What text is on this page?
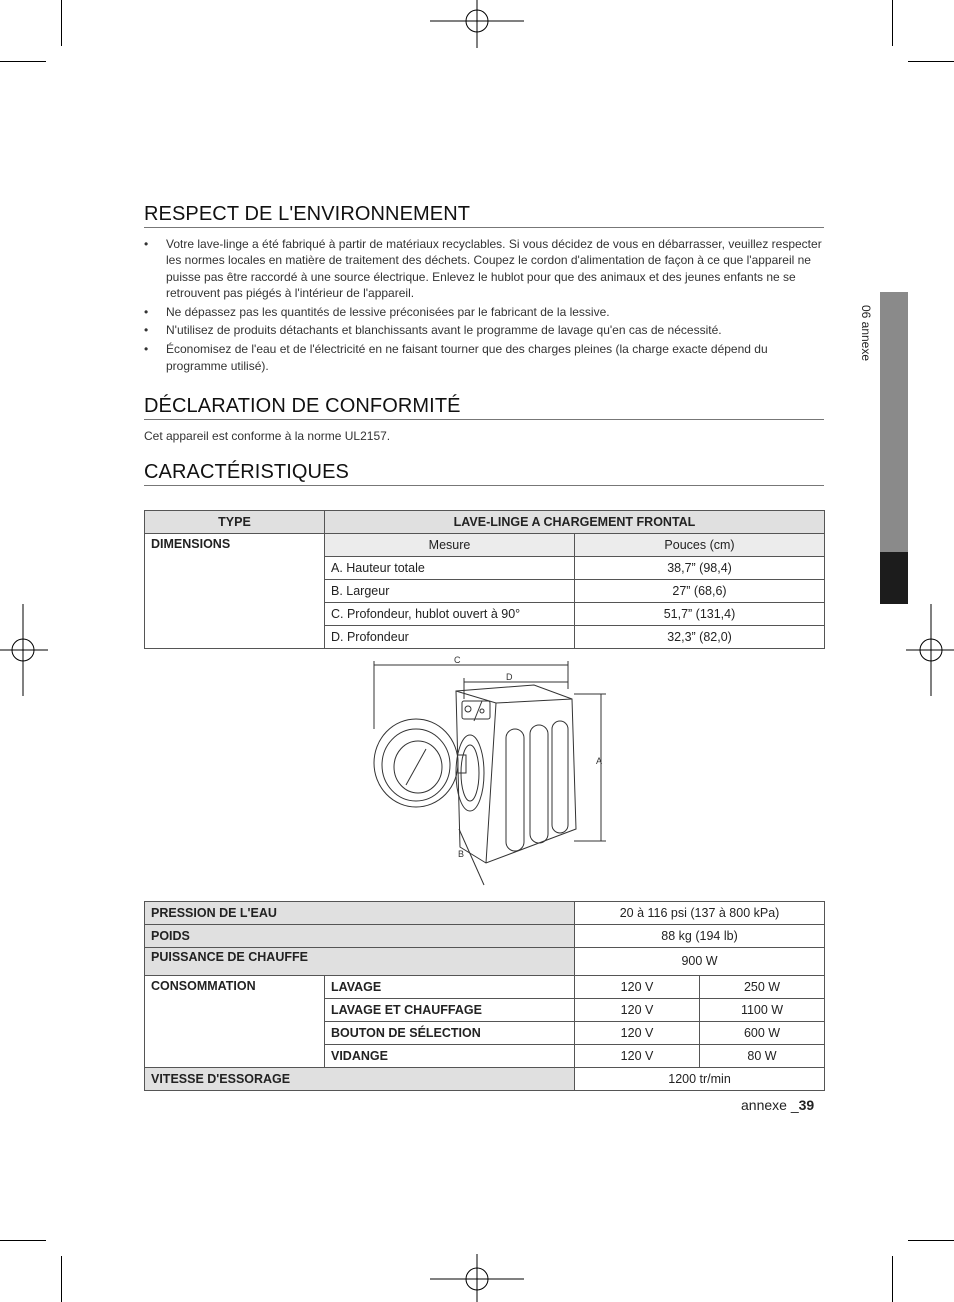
06 annexe
RESPECT DE L'ENVIRONNEMENT
• Votre lave-linge a été fabriqué à partir de matériaux recyclables. Si vous décidez de vous en débarrasser, veuillez respecter les normes locales en matière de traitement des déchets. Coupez le cordon d'alimentation de façon à ce que l'appareil ne puisse pas être raccordé à une source électrique. Enlevez le hublot pour que des animaux et des jeunes enfants ne se retrouvent pas piégés à l'intérieur de l'appareil.
• Ne dépassez pas les quantités de lessive préconisées par le fabricant de la lessive.
• N'utilisez de produits détachants et blanchissants avant le programme de lavage qu'en cas de nécessité.
• Économisez de l'eau et de l'électricité en ne faisant tourner que des charges pleines (la charge exacte dépend du programme utilisé).
DÉCLARATION DE CONFORMITÉ

Cet appareil est conforme à la norme UL2157.

CARACTÉRISTIQUES
TYPE	LAVE-LINGE A CHARGEMENT FRONTAL	
DIMENSIONS	Mesure	Pouces (cm)
	A. Hauteur totale	38,7” (98,4)
	B. Largeur	27” (68,6)
	C. Profondeur, hublot ouvert à 90°	51,7” (131,4)
	D. Profondeur	32,3” (82,0)
C
D
A
B
PRESSION DE L'EAU		20 à 116 psi (137 à 800 kPa)	
POIDS		88 kg (194 lb)	
PUISSANCE DE CHAUFFE		900 W	
CONSOMMATION	LAVAGE	120 V	250 W
	LAVAGE ET CHAUFFAGE	120 V	1100 W
	BOUTON DE SÉLECTION	120 V	600 W
	VIDANGE	120 V	80 W
VITESSE D'ESSORAGE		1200 tr/min	
annexe _39
